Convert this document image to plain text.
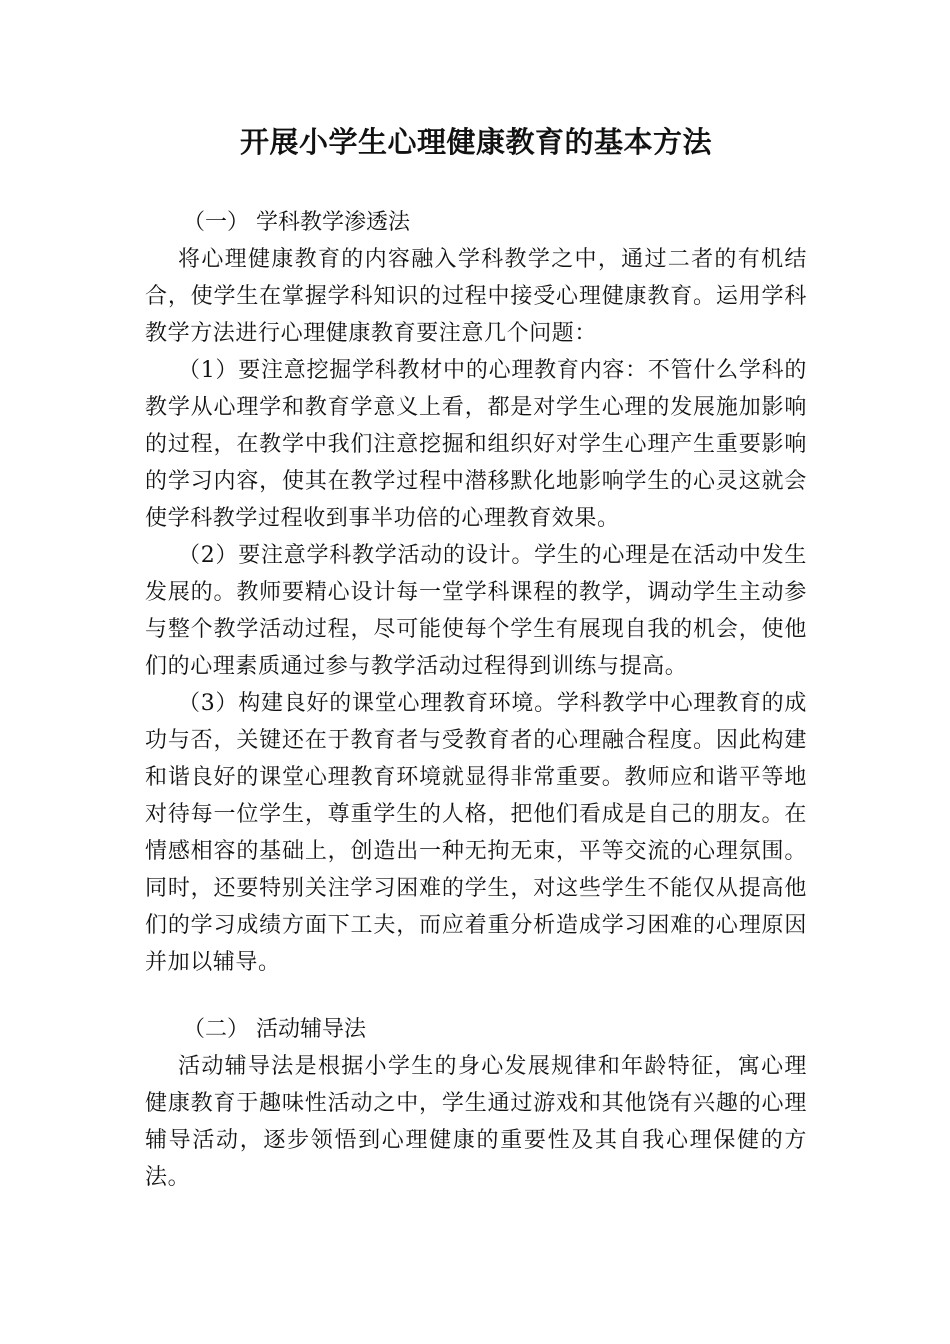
开展小学生心理健康教育的基本方法
（一） 学科教学渗透法

将心理健康教育的内容融入学科教学之中，通过二者的有机结合，使学生在掌握学科知识的过程中接受心理健康教育。运用学科教学方法进行心理健康教育要注意几个问题：

（1）要注意挖掘学科教材中的心理教育内容：不管什么学科的教学从心理学和教育学意义上看，都是对学生心理的发展施加影响的过程，在教学中我们注意挖掘和组织好对学生心理产生重要影响的学习内容，使其在教学过程中潜移默化地影响学生的心灵这就会使学科教学过程收到事半功倍的心理教育效果。

（2）要注意学科教学活动的设计。学生的心理是在活动中发生发展的。教师要精心设计每一堂学科课程的教学，调动学生主动参与整个教学活动过程，尽可能使每个学生有展现自我的机会，使他们的心理素质通过参与教学活动过程得到训练与提高。

（3）构建良好的课堂心理教育环境。学科教学中心理教育的成功与否，关键还在于教育者与受教育者的心理融合程度。因此构建和谐良好的课堂心理教育环境就显得非常重要。教师应和谐平等地对待每一位学生，尊重学生的人格，把他们看成是自己的朋友。在情感相容的基础上，创造出一种无拘无束，平等交流的心理氛围。同时，还要特别关注学习困难的学生，对这些学生不能仅从提高他们的学习成绩方面下工夫，而应着重分析造成学习困难的心理原因并加以辅导。

（二） 活动辅导法

活动辅导法是根据小学生的身心发展规律和年龄特征，寓心理健康教育于趣味性活动之中，学生通过游戏和其他饶有兴趣的心理辅导活动，逐步领悟到心理健康的重要性及其自我心理保健的方法。
